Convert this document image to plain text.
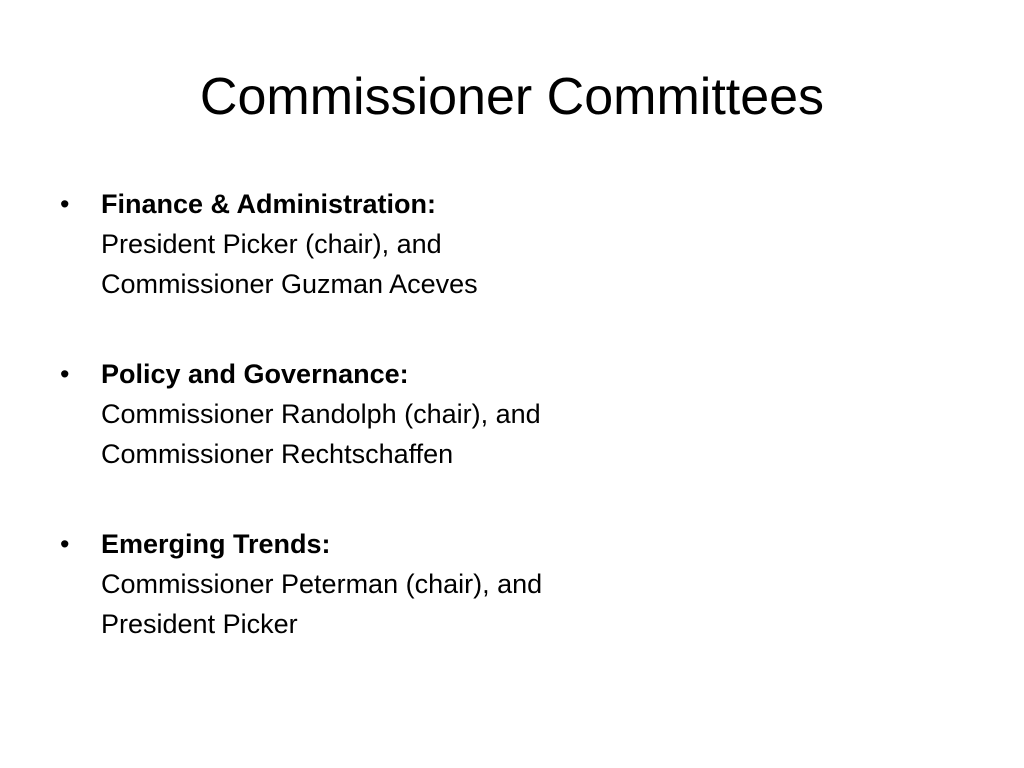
Commissioner Committees
•	Finance & Administration:
President Picker (chair), and
Commissioner Guzman Aceves
•	Policy and Governance:
Commissioner Randolph (chair), and
Commissioner Rechtschaffen
•	Emerging Trends:
Commissioner Peterman (chair), and
President Picker
